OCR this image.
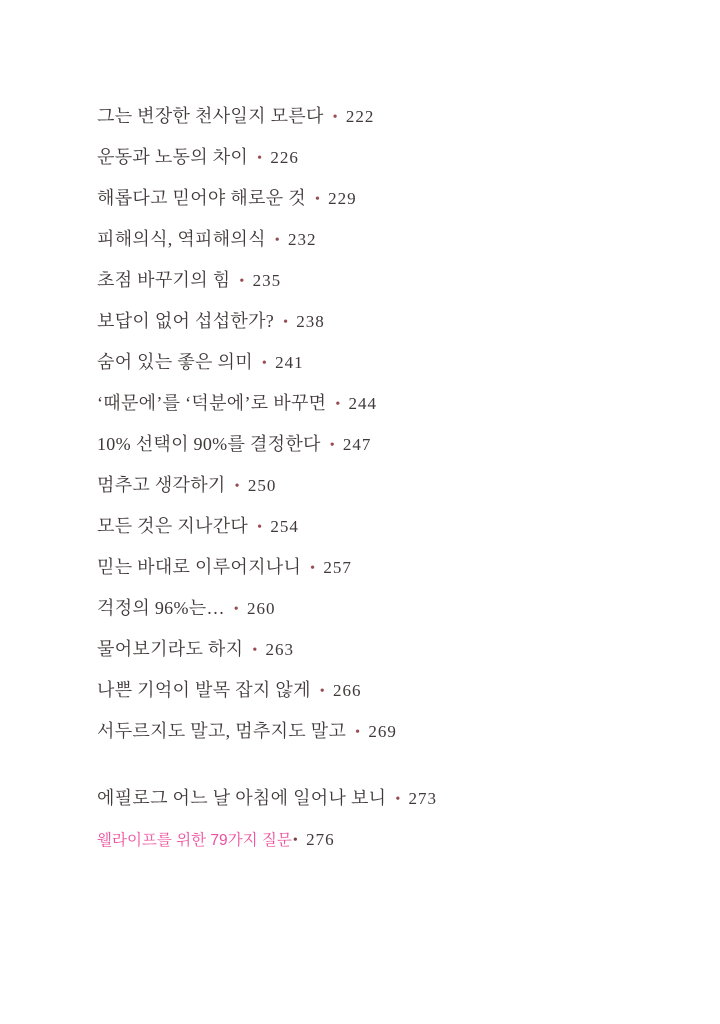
그는 변장한 천사일지 모른다 • 222
운동과 노동의 차이 • 226
해롭다고 믿어야 해로운 것 • 229
피해의식, 역피해의식 • 232
초점 바꾸기의 힘 • 235
보답이 없어 섭섭한가? • 238
숨어 있는 좋은 의미 • 241
‘때문에’를 ‘덕분에’로 바꾸면 • 244
10% 선택이 90%를 결정한다 • 247
멈추고 생각하기 • 250
모든 것은 지나간다 • 254
믿는 바대로 이루어지나니 • 257
걱정의 96%는… • 260
물어보기라도 하지 • 263
나쁜 기억이 발목 잡지 않게 • 266
서두르지도 말고, 멈추지도 말고 • 269
에필로그 어느 날 아침에 일어나 보니 • 273
웰라이프를 위한 79가지 질문• 276
